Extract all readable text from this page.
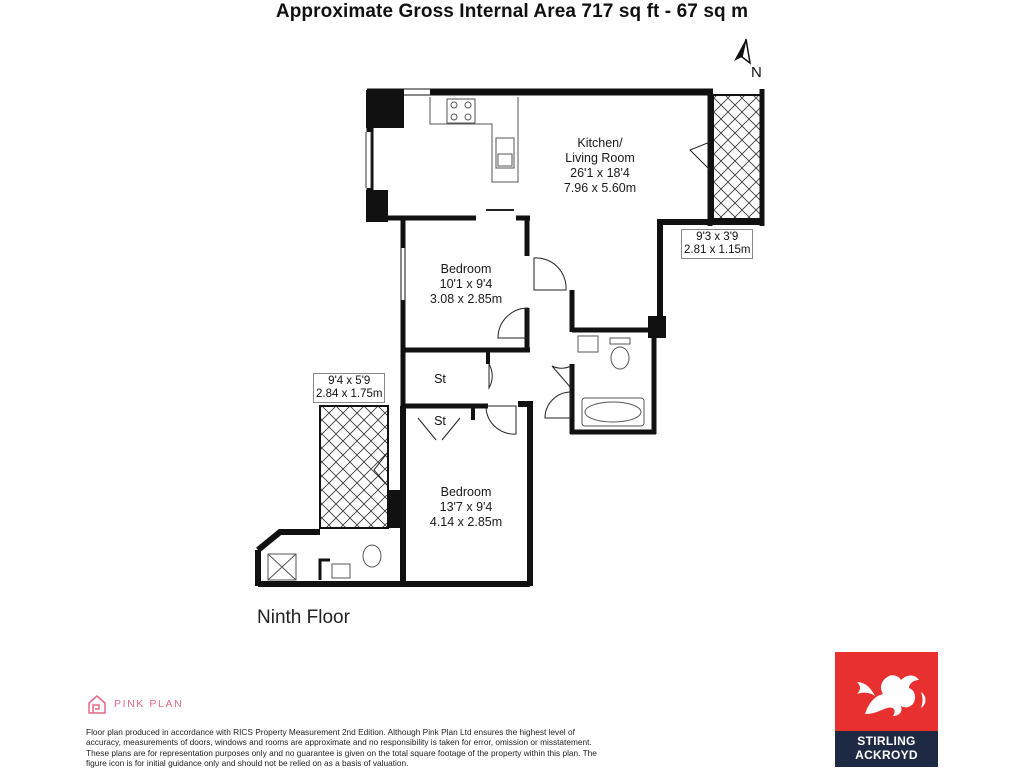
Approximate Gross Internal Area 717 sq ft - 67 sq m
N
Kitchen/
Living Room
26'1 x 18'4
7.96 x 5.60m
Bedroom
10'1 x 9'4
3.08 x 2.85m
Bedroom
13'7 x 9'4
4.14 x 2.85m
St
St
9'3 x 3'9
2.81 x 1.15m
9'4 x 5'9
2.84 x 1.75m
Ninth Floor
PINK PLAN
Floor plan produced in accordance with RICS Property Measurement 2nd Edition. Although Pink Plan Ltd ensures the highest level of accuracy, measurements of doors, windows and rooms are approximate and no responsibility is taken for error, omission or misstatement. These plans are for representation purposes only and no guarantee is given on the total square footage of the property within this plan. The figure icon is for initial guidance only and should not be relied on as a basis of valuation.
STIRLING
ACKROYD
